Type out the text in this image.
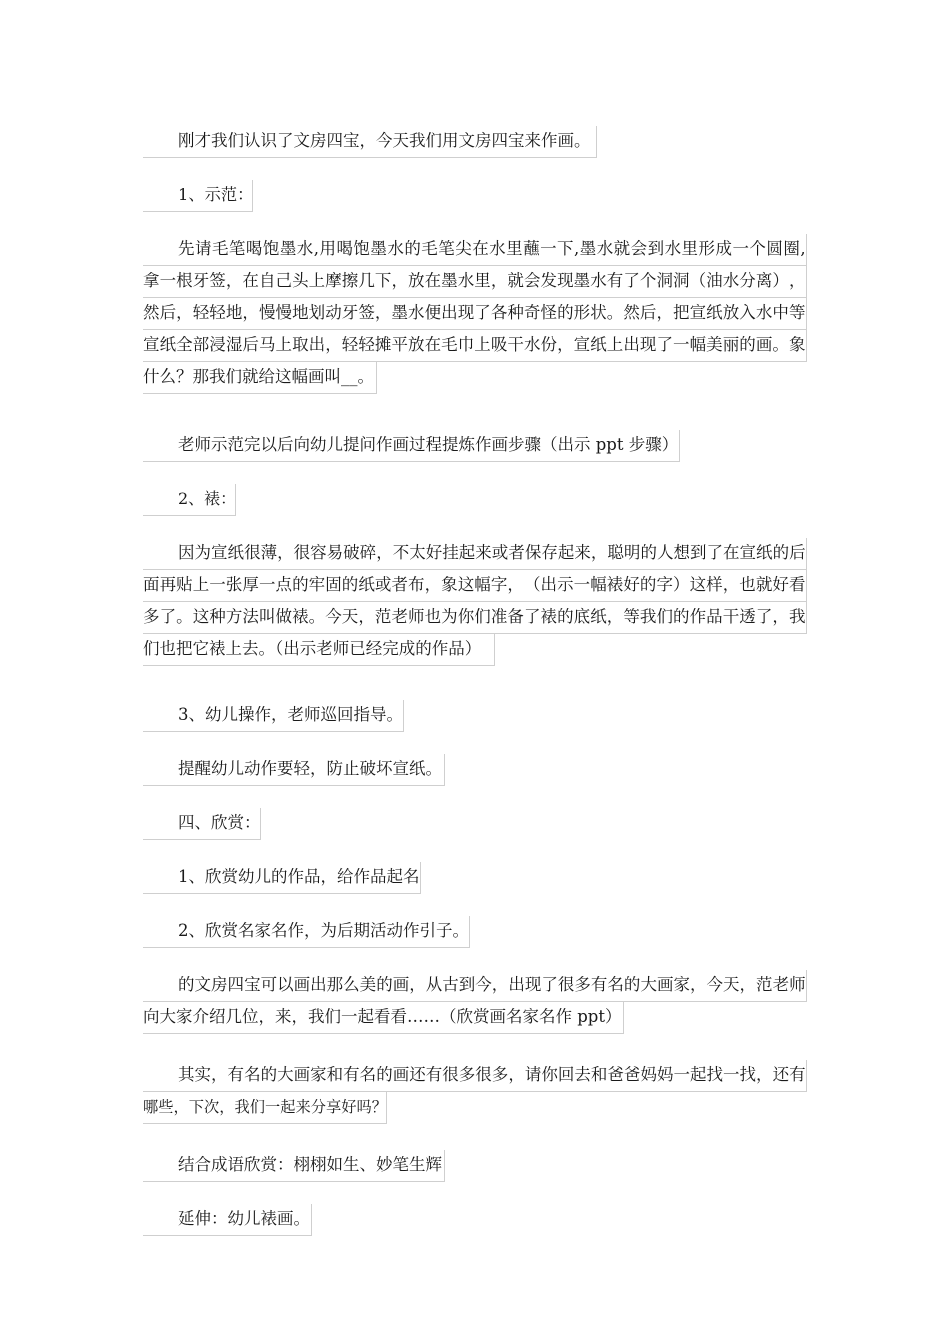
刚才我们认识了文房四宝，今天我们用文房四宝来作画。
1、示范：
先 请 毛 笔 喝 饱 墨 水 , 用 喝 饱 墨 水 的 毛 笔 尖 在 水 里 蘸 一 下 , 墨 水 就 会 到 水 里 形 成 一 个 圆 圈 ,
拿 一 根 牙 签 ， 在 自 己 头 上 摩 擦 几 下 ， 放 在 墨 水 里 ， 就 会 发 现 墨 水 有 了 个 洞 洞 （ 油 水 分 离 ） ，
然 后 ， 轻 轻 地 ， 慢 慢 地 划 动 牙 签 ， 墨 水 便 出 现 了 各 种 奇 怪 的 形 状 。 然 后 ， 把 宣 纸 放 入 水 中 等
宣 纸 全 部 浸 湿 后 马 上 取 出 ， 轻 轻 摊 平 放 在 毛 巾 上 吸 干 水 份 ， 宣 纸 上 出 现 了 一 幅 美 丽 的 画 。 象
什么？那我们就给这幅画叫__。
老师示范完以后向幼儿提问作画过程提炼作画步骤（出示 ppt 步骤）
2、裱：
因 为 宣 纸 很 薄 ， 很 容 易 破 碎 ， 不 太 好 挂 起 来 或 者 保 存 起 来 ， 聪 明 的 人 想 到 了 在 宣 纸 的 后
面 再 贴 上 一 张 厚 一 点 的 牢 固 的 纸 或 者 布 ， 象 这 幅 字 ， （ 出 示 一 幅 裱 好 的 字 ） 这 样 ， 也 就 好 看
多 了 。 这 种 方 法 叫 做 裱 。 今 天 ， 范 老 师 也 为 你 们 准 备 了 裱 的 底 纸 ， 等 我 们 的 作 品 干 透 了 ， 我
们也把它裱上去。（出示老师已经完成的作品）
3、幼儿操作，老师巡回指导。
提醒幼儿动作要轻，防止破坏宣纸。
四、欣赏：
1、欣赏幼儿的作品，给作品起名
2、欣赏名家名作，为后期活动作引子。
的 文 房 四 宝 可 以 画 出 那 么 美 的 画 ， 从 古 到 今 ， 出 现 了 很 多 有 名 的 大 画 家 ， 今 天 ， 范 老 师
向大家介绍几位，来，我们一起看看……（欣赏画名家名作 ppt）
其 实 ， 有 名 的 大 画 家 和 有 名 的 画 还 有 很 多 很 多 ， 请 你 回 去 和 爸 爸 妈 妈 一 起 找 一 找 ， 还 有
哪些，下次，我们一起来分享好吗？
结合成语欣赏：栩栩如生、妙笔生辉
延伸：幼儿裱画。
